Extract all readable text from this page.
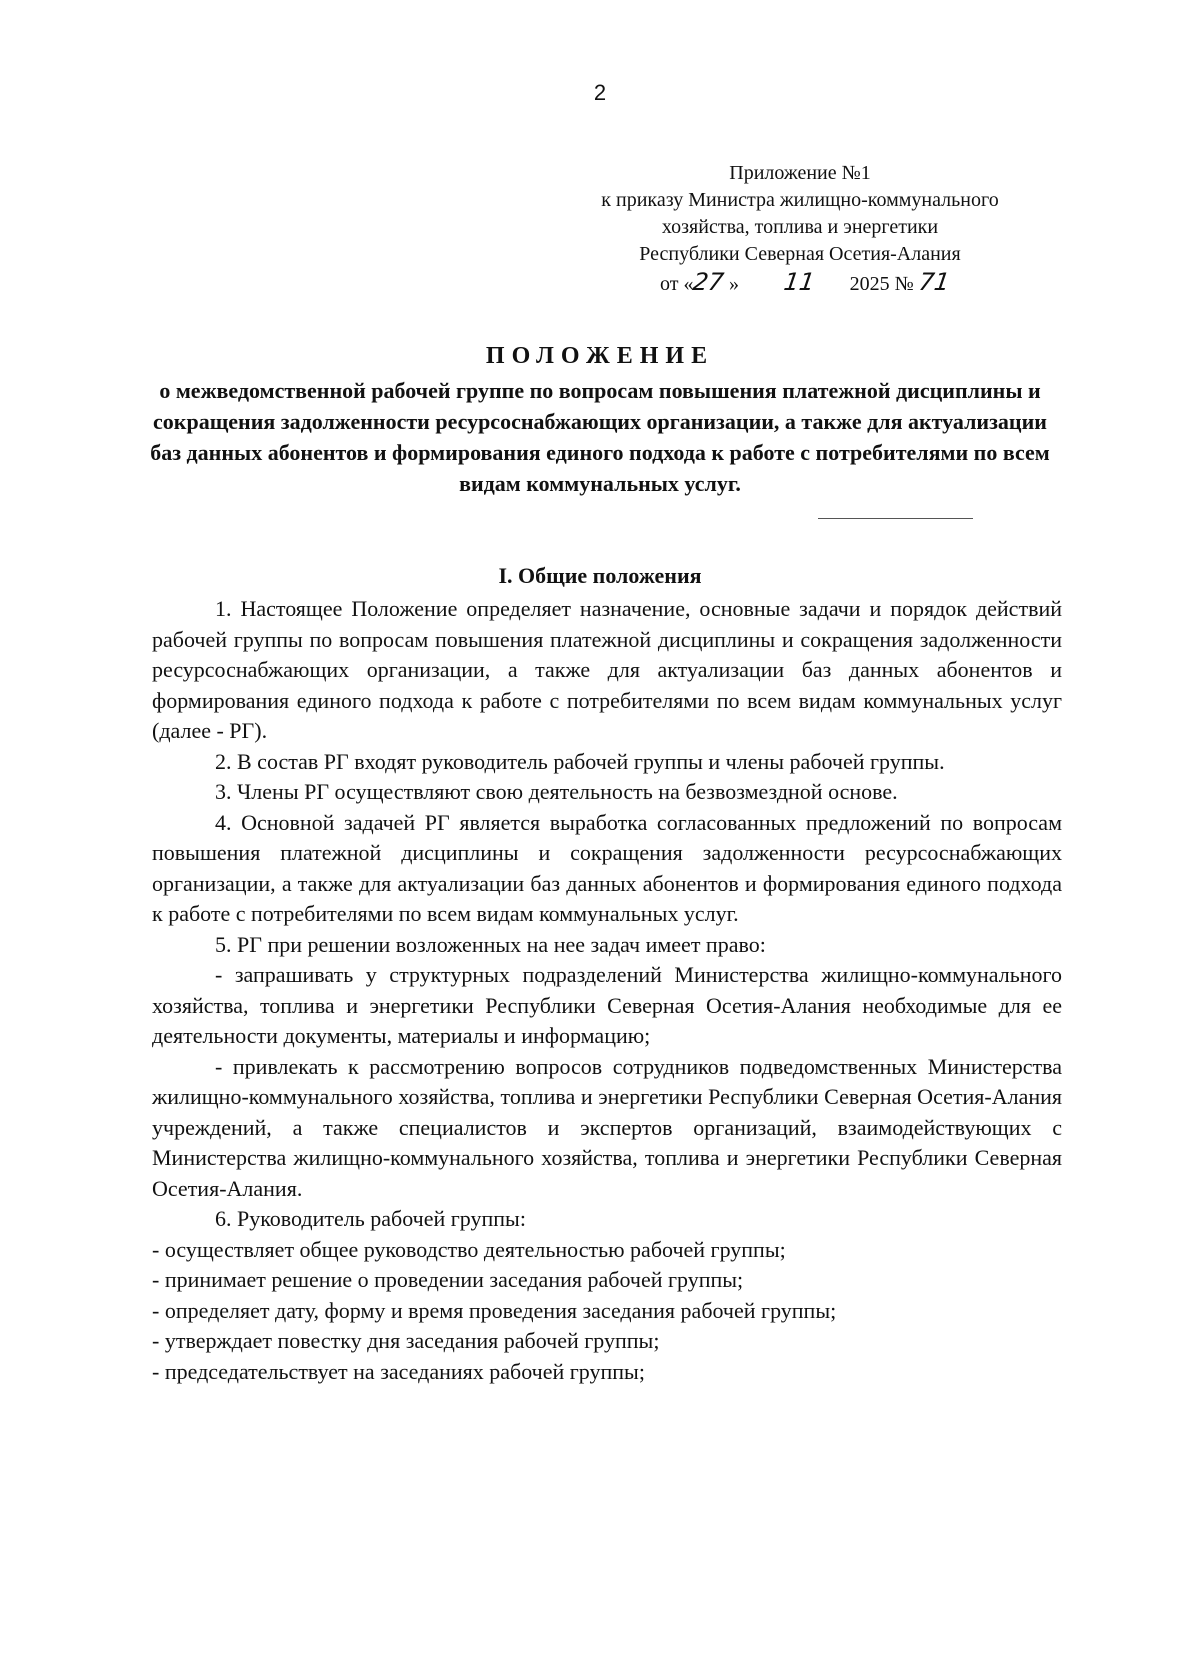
2
Приложение №1
к приказу Министра жилищно-коммунального
хозяйства, топлива и энергетики
Республики Северная Осетия-Алания
от «27 » 11 2025 № 71
ПОЛОЖЕНИЕ
о межведомственной рабочей группе по вопросам повышения платежной дисциплины и сокращения задолженности ресурсоснабжающих организации, а также для актуализации баз данных абонентов и формирования единого подхода к работе с потребителями по всем видам коммунальных услуг.
I. Общие положения

1. Настоящее Положение определяет назначение, основные задачи и порядок действий рабочей группы по вопросам повышения платежной дисциплины и сокращения задолженности ресурсоснабжающих организации, а также для актуализации баз данных абонентов и формирования единого подхода к работе с потребителями по всем видам коммунальных услуг (далее - РГ).

2. В состав РГ входят руководитель рабочей группы и члены рабочей группы.

3. Члены РГ осуществляют свою деятельность на безвозмездной основе.

4. Основной задачей РГ является выработка согласованных предложений по вопросам повышения платежной дисциплины и сокращения задолженности ресурсоснабжающих организации, а также для актуализации баз данных абонентов и формирования единого подхода к работе с потребителями по всем видам коммунальных услуг.

5. РГ при решении возложенных на нее задач имеет право:

- запрашивать у структурных подразделений Министерства жилищно-коммунального хозяйства, топлива и энергетики Республики Северная Осетия-Алания необходимые для ее деятельности документы, материалы и информацию;

- привлекать к рассмотрению вопросов сотрудников подведомственных Министерства жилищно-коммунального хозяйства, топлива и энергетики Республики Северная Осетия-Алания учреждений, а также специалистов и экспертов организаций, взаимодействующих с Министерства жилищно-коммунального хозяйства, топлива и энергетики Республики Северная Осетия-Алания.

6. Руководитель рабочей группы:

- осуществляет общее руководство деятельностью рабочей группы;

- принимает решение о проведении заседания рабочей группы;

- определяет дату, форму и время проведения заседания рабочей группы;

- утверждает повестку дня заседания рабочей группы;

- председательствует на заседаниях рабочей группы;
